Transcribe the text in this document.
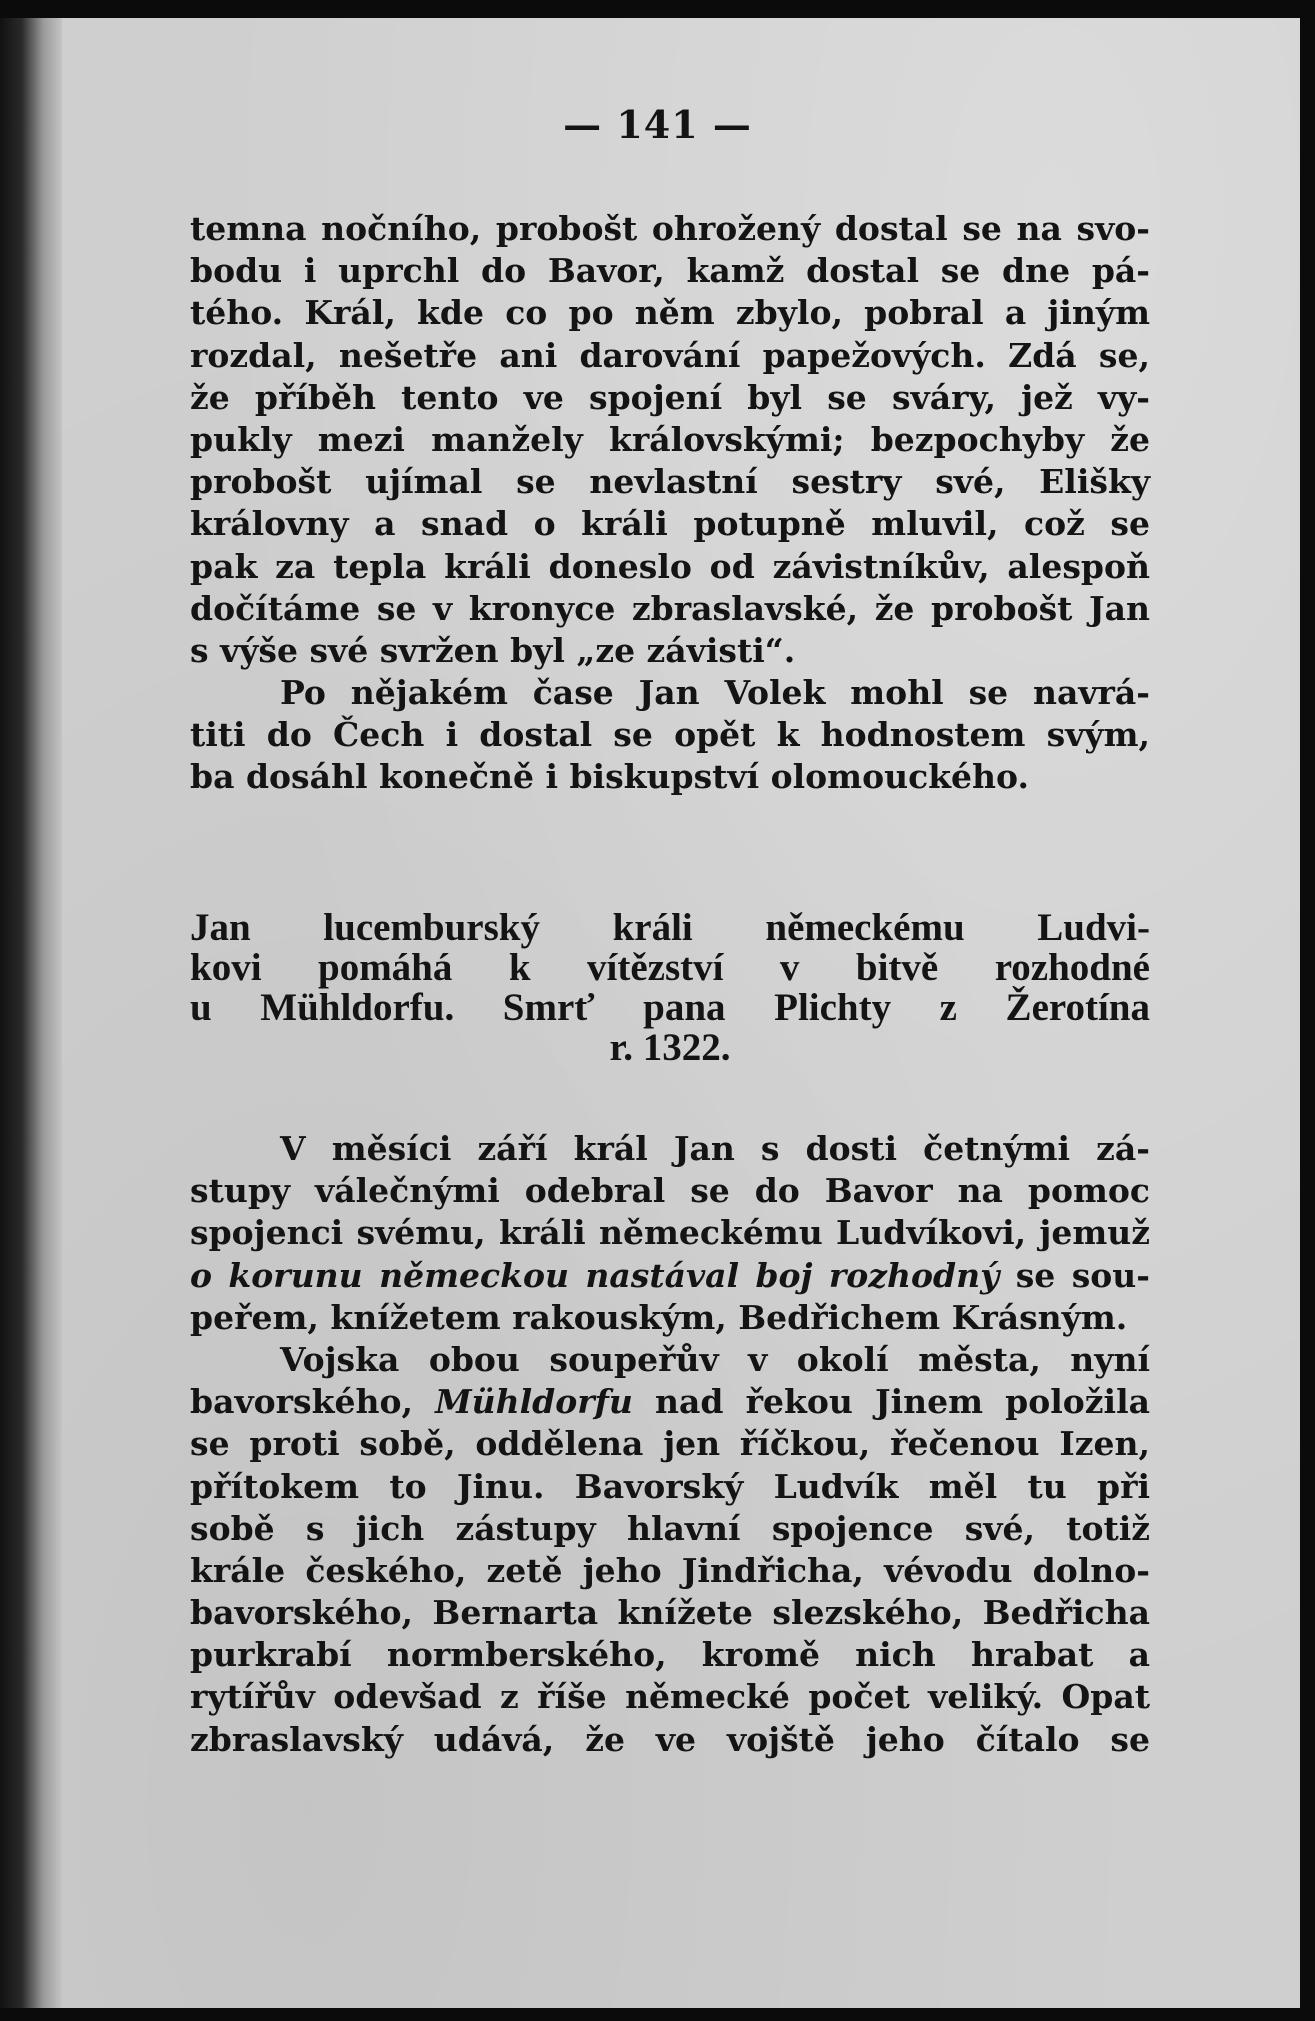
— 141 —
temna nočního, probošt ohrožený dostal se na svo-
bodu i uprchl do Bavor, kamž dostal se dne pá-
tého. Král, kde co po něm zbylo, pobral a jiným
rozdal, nešetře ani darování papežových. Zdá se,
že příběh tento ve spojení byl se sváry, jež vy-
pukly mezi manžely královskými; bezpochyby že
probošt ujímal se nevlastní sestry své, Elišky
královny a snad o králi potupně mluvil, což se
pak za tepla králi doneslo od závistníkův, alespoň
dočítáme se v kronyce zbraslavské, že probošt Jan
s výše své svržen byl „ze závisti“.
Po nějakém čase Jan Volek mohl se navrá-
titi do Čech i dostal se opět k hodnostem svým,
ba dosáhl konečně i biskupství olomouckého.
Jan lucemburský králi německému Ludvi-
kovi pomáhá k vítězství v bitvě rozhodné
u Mühldorfu. Smrť pana Plichty z Žerotína
r. 1322.
V měsíci září král Jan s dosti četnými zá-
stupy válečnými odebral se do Bavor na pomoc
spojenci svému, králi německému Ludvíkovi, jemuž
o korunu německou nastával boj rozhodný se sou-
peřem, knížetem rakouským, Bedřichem Krásným.
Vojska obou soupeřův v okolí města, nyní
bavorského, Mühldorfu nad řekou Jinem položila
se proti sobě, oddělena jen říčkou, řečenou Izen,
přítokem to Jinu. Bavorský Ludvík měl tu při
sobě s jich zástupy hlavní spojence své, totiž
krále českého, zetě jeho Jindřicha, vévodu dolno-
bavorského, Bernarta knížete slezského, Bedřicha
purkrabí normberského, kromě nich hrabat a
rytířův odevšad z říše německé počet veliký. Opat
zbraslavský udává, že ve vojště jeho čítalo se
